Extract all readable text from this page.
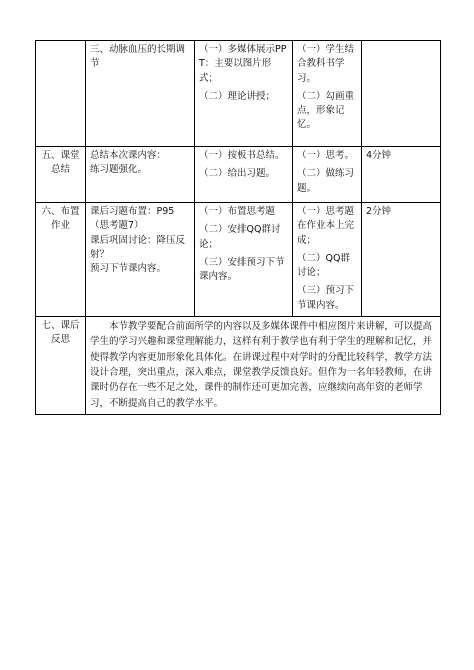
	三、动脉血压的长期调节	（一）多媒体展示PPT：主要以图片形式；
（二）理论讲授；	（一）学生结合教科书学习。
（二）勾画重点，形象记忆。	

五、课堂总结	总结本次课内容：
练习题强化。	（一）按板书总结。
（二）给出习题。	（一）思考。
（二）做练习题。	4分钟
六、布置作业	课后习题布置：P95（思考题7）
课后巩固讨论：降压反射？
预习下节课内容。	（一）布置思考题
（二）安排QQ群讨论；
（三）安排预习下节课内容。	（一）思考题在作业本上完成；
（二）QQ群讨论；
（三）预习下节课内容。	2分钟
七、课后反思	本节教学要配合前面所学的内容以及多媒体课件中相应图片来讲解，可以提高学生的学习兴趣和课堂理解能力，这样有利于教学也有利于学生的理解和记忆，并使得教学内容更加形象化具体化。在讲课过程中对学时的分配比较科学，教学方法设计合理，突出重点，深入难点，课堂教学反馈良好。但作为一名年轻教师，在讲课时仍存在一些不足之处，课件的制作还可更加完善，应继续向高年资的老师学习，不断提高自己的教学水平。			
